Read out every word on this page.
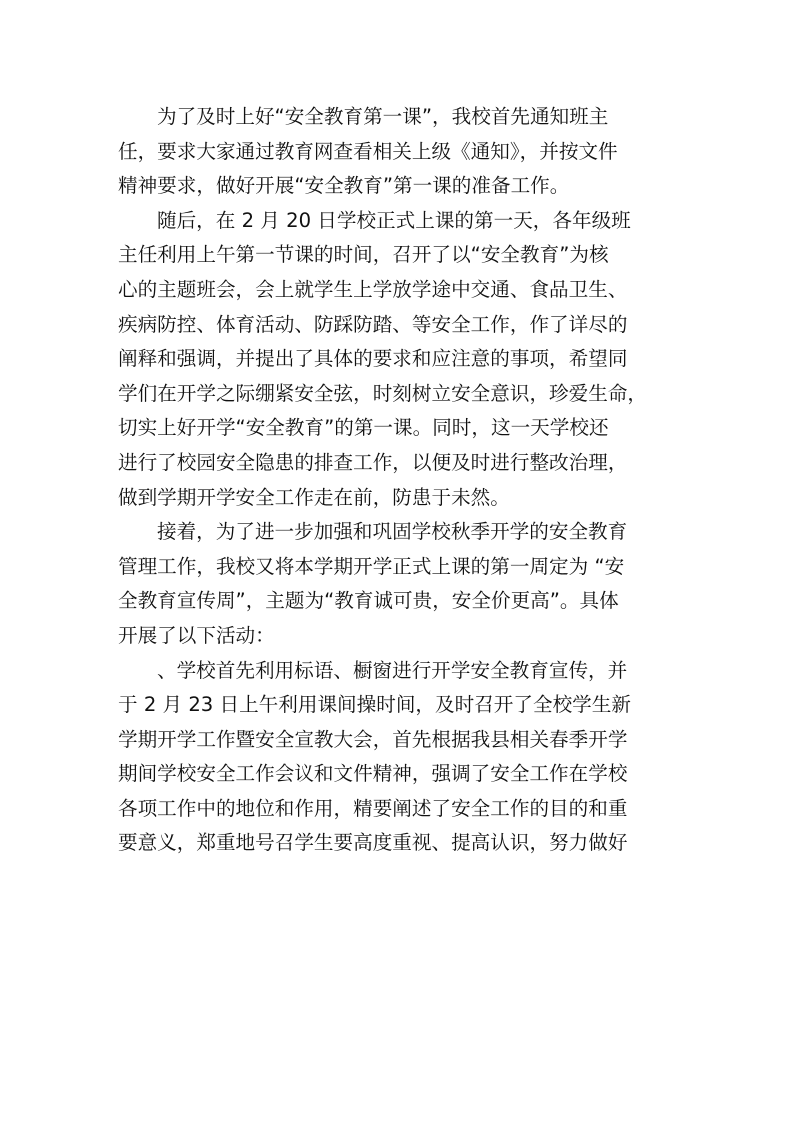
为了及时上好“安全教育第一课”，我校首先通知班主
任，要求大家通过教育网查看相关上级《通知》，并按文件
精神要求，做好开展“安全教育”第一课的准备工作。
随后，在 2 月 20 日学校正式上课的第一天，各年级班
主任利用上午第一节课的时间，召开了以“安全教育”为核
心的主题班会，会上就学生上学放学途中交通、食品卫生、
疾病防控、体育活动、防踩防踏、等安全工作，作了详尽的
阐释和强调，并提出了具体的要求和应注意的事项，希望同
学们在开学之际绷紧安全弦，时刻树立安全意识，珍爱生命，
切实上好开学“安全教育”的第一课。同时，这一天学校还
进行了校园安全隐患的排查工作，以便及时进行整改治理，
做到学期开学安全工作走在前，防患于未然。
接着，为了进一步加强和巩固学校秋季开学的安全教育
管理工作，我校又将本学期开学正式上课的第一周定为 “安
全教育宣传周”，主题为“教育诚可贵，安全价更高”。具体
开展了以下活动：
、学校首先利用标语、橱窗进行开学安全教育宣传，并
于 2 月 23 日上午利用课间操时间，及时召开了全校学生新
学期开学工作暨安全宣教大会，首先根据我县相关春季开学
期间学校安全工作会议和文件精神，强调了安全工作在学校
各项工作中的地位和作用，精要阐述了安全工作的目的和重
要意义，郑重地号召学生要高度重视、提高认识，努力做好
